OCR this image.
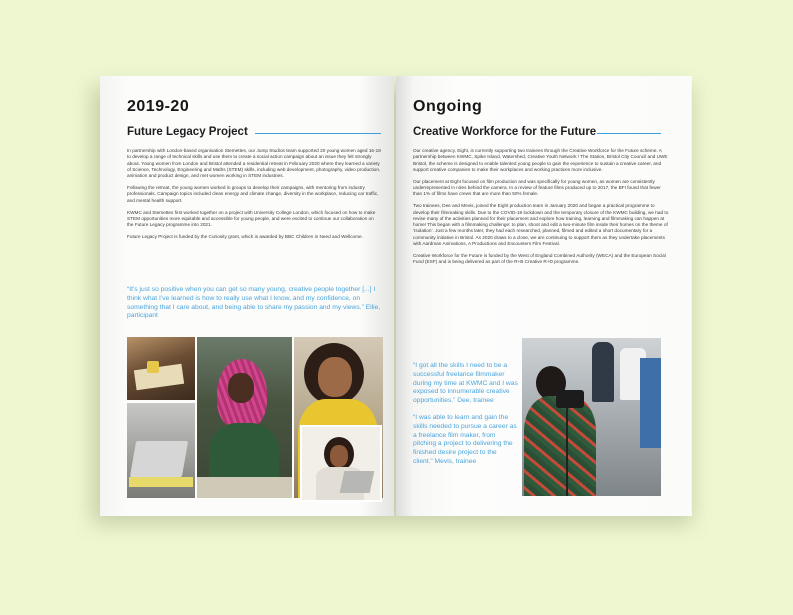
2019-20
Future Legacy Project

In partnership with London-based organisation Stemettes, our Jump Studios team supported 20 young women aged 16-18 to develop a range of technical skills and use them to create a social action campaign about an issue they felt strongly about. Young women from London and Bristol attended a residential retreat in February 2020 where they learned a variety of Science, Technology, Engineering and Maths (STEM) skills, including web development, photography, video production, animation and product design, and met women working in STEM industries.

Following the retreat, the young women worked in groups to develop their campaigns, with mentoring from industry professionals. Campaign topics included clean energy and climate change, diversity in the workplace, reducing car traffic, and mental health support.

KWMC and Stemettes first worked together on a project with University College London, which focused on how to make STEM opportunities more equitable and accessible for young people, and were excited to continue our collaboration on the Future Legacy programme into 2021.

Future Legacy Project is funded by the Curiosity grant, which is awarded by BBC Children in Need and Wellcome.

“It’s just so positive when you can get so many young, creative people together [...] I think what I’ve learned is how to really use what I know, and my confidence, on something that I care about, and being able to share my passion and my views.” Ellie, participant

Ongoing
Creative Workforce for the Future

Our creative agency, Eight, is currently supporting two trainees through the Creative Workforce for the Future scheme. A partnership between KWMC, Spike Island, Watershed, Creative Youth Network / The Station, Bristol City Council and UWE Bristol, the scheme is designed to enable talented young people to gain the experience to sustain a creative career, and support creative companies to make their workplaces and working practices more inclusive.

Our placement at Eight focused on film production and was specifically for young women, as women are consistently underrepresented in roles behind the camera. In a review of feature films produced up to 2017, the BFI found that fewer than 1% of films have crews that are more than 50% female.

Two trainees, Dee and Mevis, joined the Eight production team in January 2020 and began a practical programme to develop their filmmaking skills. Due to the COVID-19 lockdown and the temporary closure of the KWMC building, we had to revise many of the activities planned for their placement and explore how training, learning and filmmaking can happen at home! This began with a filmmaking challenge: to plan, shoot and edit a two-minute film inside their homes on the theme of ‘Isolation’. Just a few months later, they had each researched, planned, filmed and edited a short documentary for a community initiative in Bristol. As 2020 draws to a close, we are continuing to support them as they undertake placements with Aardman Animations, A Productions and Encounters Film Festival.

Creative Workforce for the Future is funded by the West of England Combined Authority (WECA) and the European Social Fund (ESF) and is being delivered as part of the R+B Creative R+D programme.

“I got all the skills I need to be a successful freelance filmmaker during my time at KWMC and I was exposed to innumerable creative opportunities.” Dee, trainee

“I was able to learn and gain the skills needed to pursue a career as a freelance film maker, from pitching a project to delivering the finished desire project to the client.” Mevis, trainee
